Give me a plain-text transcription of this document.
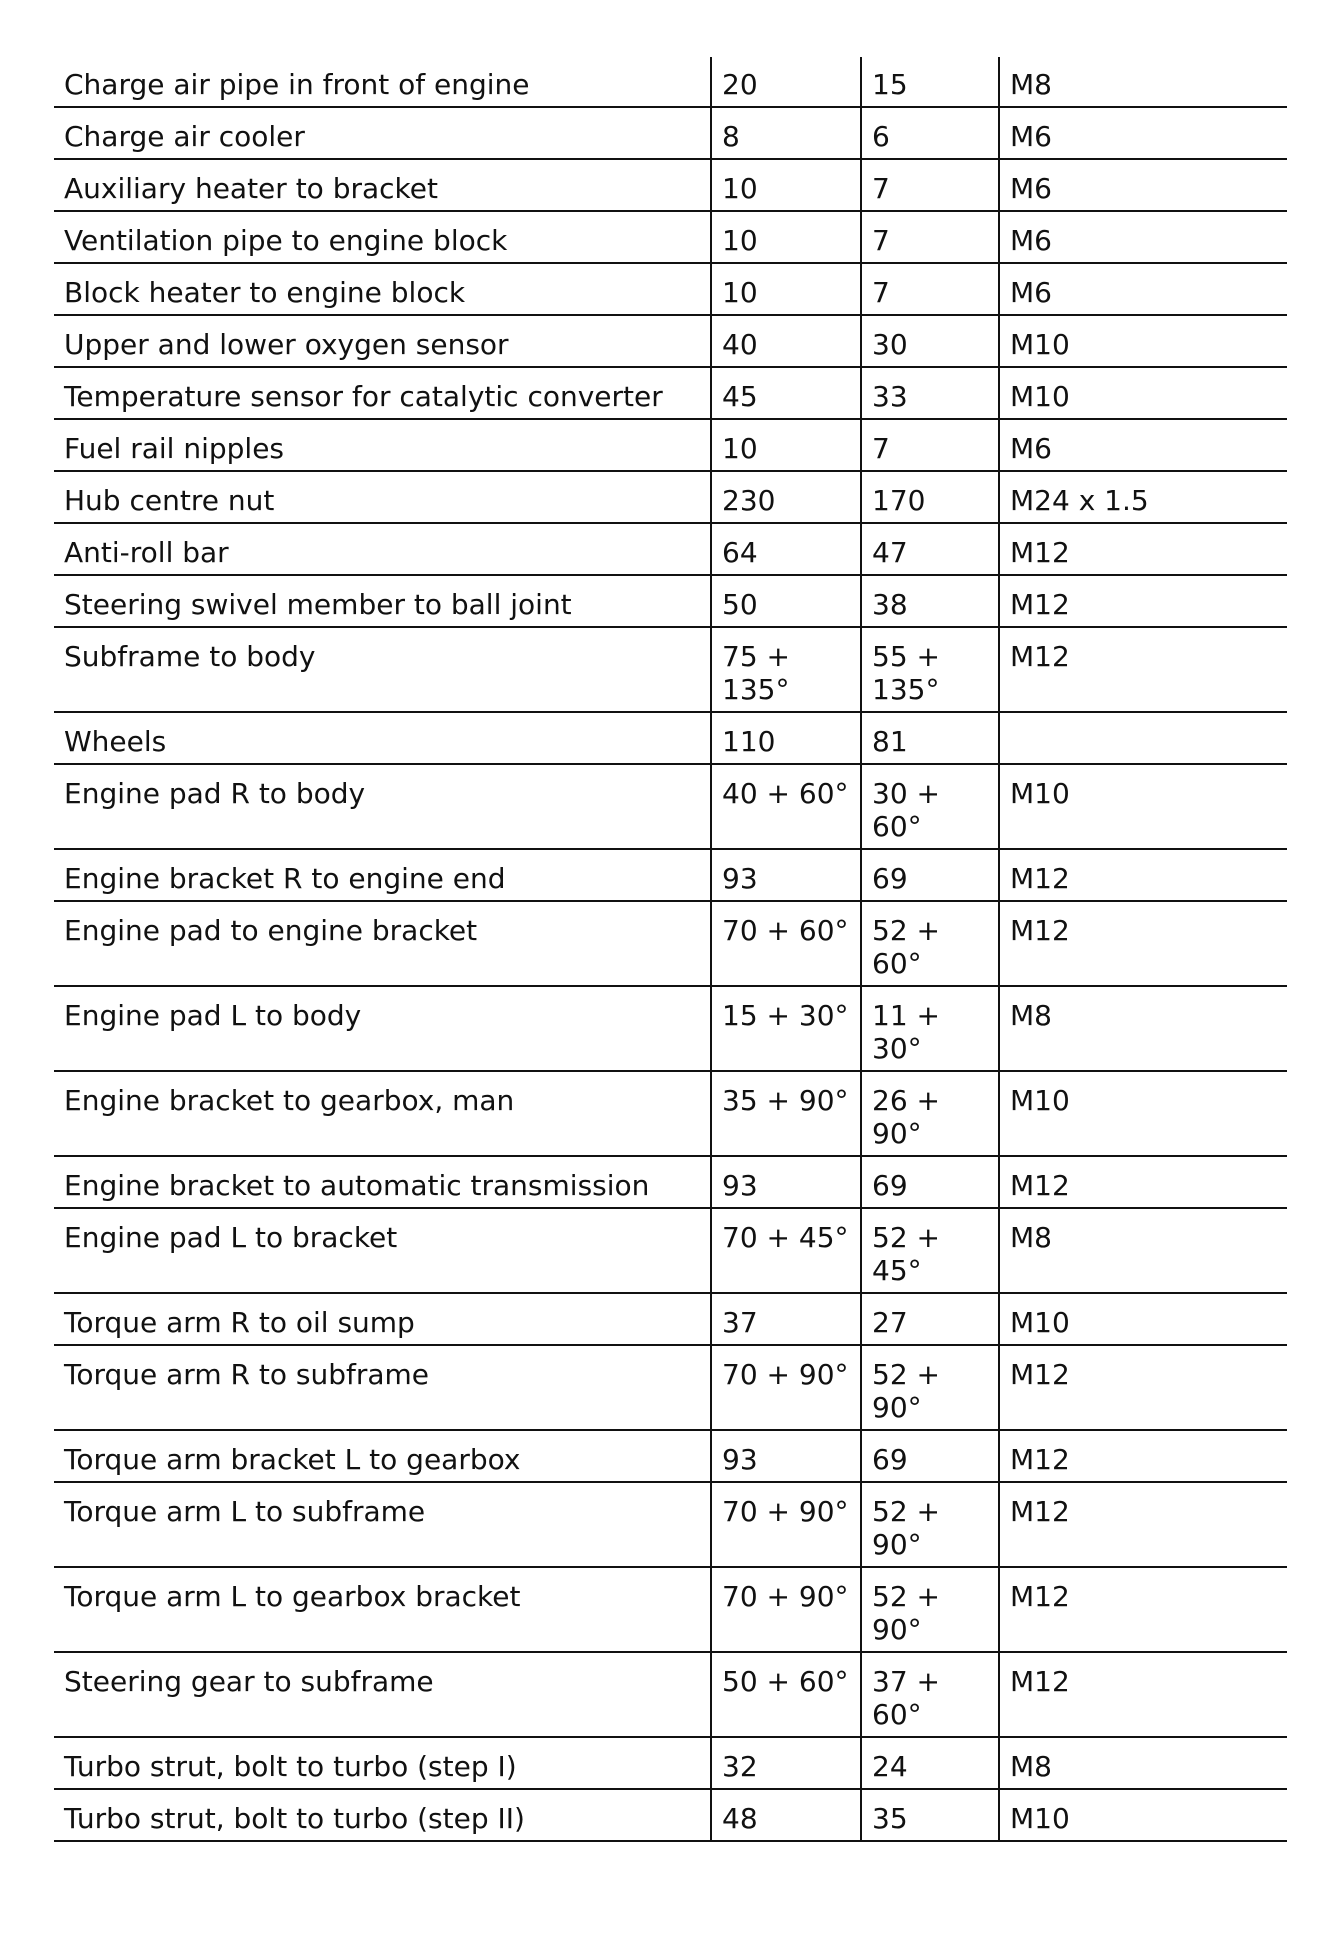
Charge air pipe in front of engine	20	15	M8
Charge air cooler	8	6	M6
Auxiliary heater to bracket	10	7	M6
Ventilation pipe to engine block	10	7	M6
Block heater to engine block	10	7	M6
Upper and lower oxygen sensor	40	30	M10
Temperature sensor for catalytic converter	45	33	M10
Fuel rail nipples	10	7	M6
Hub centre nut	230	170	M24 x 1.5
Anti-roll bar	64	47	M12
Steering swivel member to ball joint	50	38	M12
Subframe to body	75 + 135°	55 + 135°	M12
Wheels	110	81	
Engine pad R to body	40 + 60°	30 + 60°	M10
Engine bracket R to engine end	93	69	M12
Engine pad to engine bracket	70 + 60°	52 + 60°	M12
Engine pad L to body	15 + 30°	11 + 30°	M8
Engine bracket to gearbox, man	35 + 90°	26 + 90°	M10
Engine bracket to automatic transmission	93	69	M12
Engine pad L to bracket	70 + 45°	52 + 45°	M8
Torque arm R to oil sump	37	27	M10
Torque arm R to subframe	70 + 90°	52 + 90°	M12
Torque arm bracket L to gearbox	93	69	M12
Torque arm L to subframe	70 + 90°	52 + 90°	M12
Torque arm L to gearbox bracket	70 + 90°	52 + 90°	M12
Steering gear to subframe	50 + 60°	37 + 60°	M12
Turbo strut, bolt to turbo (step I)	32	24	M8
Turbo strut, bolt to turbo (step II)	48	35	M10
